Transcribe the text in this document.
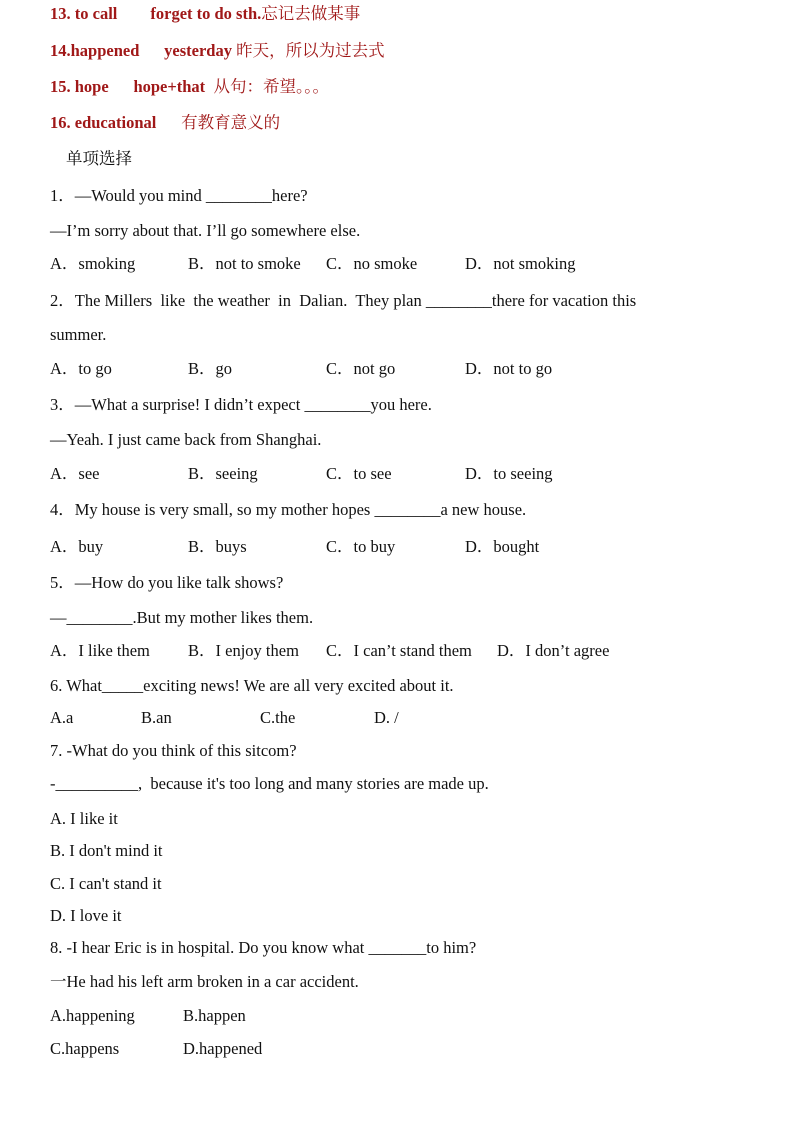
13. to call forget to do sth.忘记去做某事
14.happened yesterday 昨天，所以为过去式
15. hope hope+that  从句：希望。。。
16. educational 有教育意义的
单项选择
1．—Would you mind ________here?
—I’m sorry about that. I’ll go somewhere else.
A．smoking	B．not to smoke C．no smoke	D．not smoking
2．The Millers  like  the weather  in  Dalian.  They plan ________there for vacation this
summer.
A．to go	B．go	C．not go	D．not to go
3．—What a surprise! I didn’t expect ________you here.
—Yeah. I just came back from Shanghai.
A．see	B．seeing	C．to see	D．to seeing
4．My house is very small, so my mother hopes ________a new house.
A．buy	B．buys	C．to buy	D．bought
5．—How do you like talk shows?
—________.But my mother likes them.
A．I like them B．I enjoy them C．I can’t stand them D．I don’t agree
6. What_____exciting news! We are all very excited about it.
A.a	B.an	C.the	D. /
7. -What do you think of this sitcom?
-__________,  because it's too long and many stories are made up.
A. I like it
B. I don't mind it
C. I can't stand it
D. I love it
8. -I hear Eric is in hospital. Do you know what _______to him?
一He had his left arm broken in a car accident.
A.happening	B.happen
C.happens	D.happened
